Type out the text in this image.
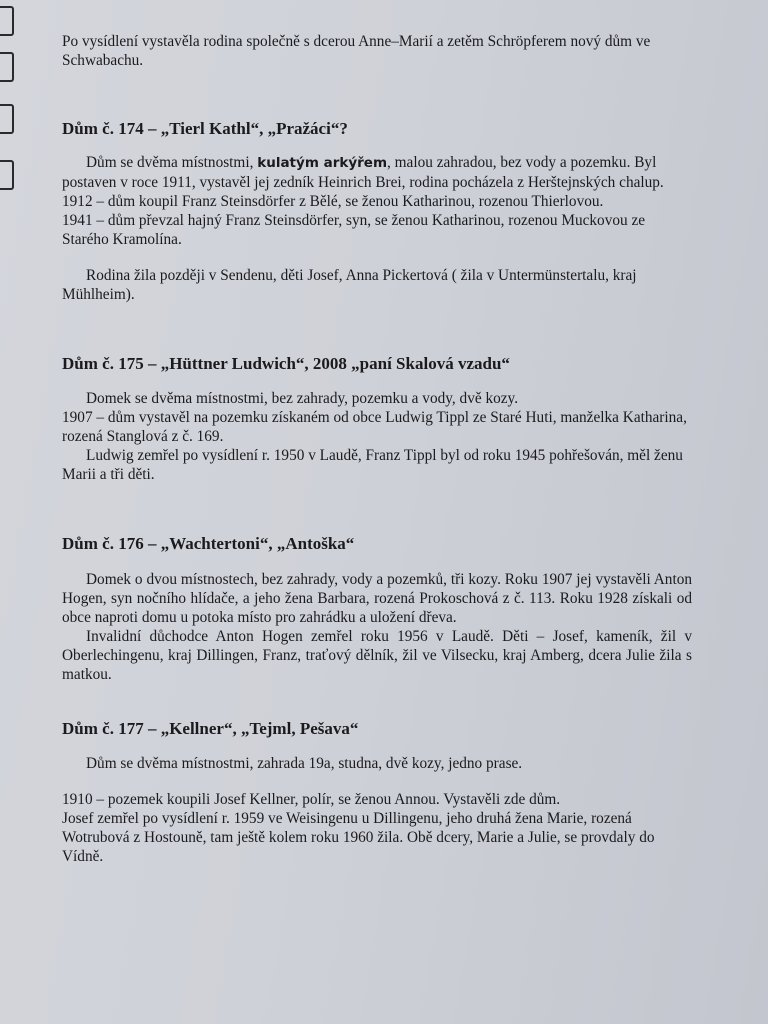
Po vysídlení vystavěla rodina společně s dcerou Anne–Marií a zetěm Schröpferem nový dům ve Schwabachu.

Dům č. 174 – „Tierl Kathl“, „Pražáci“?

Dům se dvěma místnostmi, kulatým arkýřem, malou zahradou, bez vody a pozemku. Byl postaven v roce 1911, vystavěl jej zedník Heinrich Brei, rodina pocházela z Herštejnských chalup.

1912 – dům koupil Franz Steinsdörfer z Bělé, se ženou Katharinou, rozenou Thierlovou.

1941 – dům převzal hajný Franz Steinsdörfer, syn, se ženou Katharinou, rozenou Muckovou ze Starého Kramolína.

Rodina žila později v Sendenu, děti Josef, Anna Pickertová ( žila v Untermünstertalu, kraj Mühlheim).

Dům č. 175 – „Hüttner Ludwich“, 2008 „paní Skalová vzadu“

Domek se dvěma místnostmi, bez zahrady, pozemku a vody, dvě kozy.

1907 – dům vystavěl na pozemku získaném od obce Ludwig Tippl ze Staré Huti, manželka Katharina, rozená Stanglová z č. 169.

Ludwig zemřel po vysídlení r. 1950 v Laudě, Franz Tippl byl od roku 1945 pohřešován, měl ženu Marii a tři děti.

Dům č. 176 – „Wachtertoni“, „Antoška“

Domek o dvou místnostech, bez zahrady, vody a pozemků, tři kozy. Roku 1907 jej vystavěli Anton Hogen, syn nočního hlídače, a jeho žena Barbara, rozená Prokoschová z č. 113. Roku 1928 získali od obce naproti domu u potoka místo pro zahrádku a uložení dřeva.

Invalidní důchodce Anton Hogen zemřel roku 1956 v Laudě. Děti – Josef, kameník, žil v Oberlechingenu, kraj Dillingen, Franz, traťový dělník, žil ve Vilsecku, kraj Amberg, dcera Julie žila s matkou.

Dům č. 177 – „Kellner“, „Tejml, Pešava“

Dům se dvěma místnostmi, zahrada 19a, studna, dvě kozy, jedno prase.

1910 – pozemek koupili Josef Kellner, polír, se ženou Annou. Vystavěli zde dům.

Josef zemřel po vysídlení r. 1959 ve Weisingenu u Dillingenu, jeho druhá žena Marie, rozená Wotrubová z Hostouně, tam ještě kolem roku 1960 žila. Obě dcery, Marie a Julie, se provdaly do Vídně.
